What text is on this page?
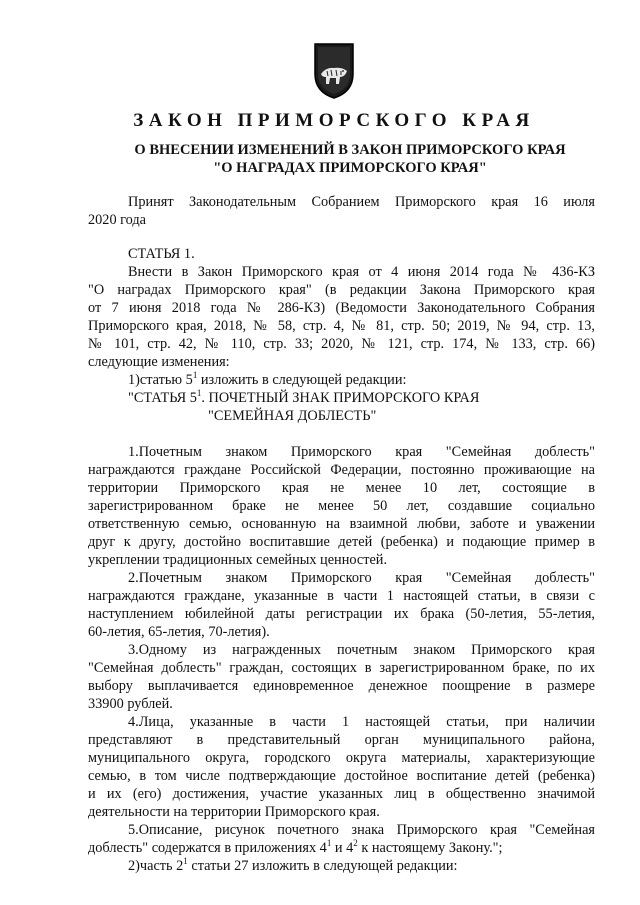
ЗАКОН ПРИМОРСКОГО КРАЯ
О ВНЕСЕНИИ ИЗМЕНЕНИЙ В ЗАКОН ПРИМОРСКОГО КРАЯ
"О НАГРАДАХ ПРИМОРСКОГО КРАЯ"

Принят Законодательным Собранием Приморского края 16 июля

2020 года

СТАТЬЯ 1.

Внести в Закон Приморского края от 4 июня 2014 года № 436-КЗ

"О наградах Приморского края" (в редакции Закона Приморского края

от 7 июня 2018 года № 286-КЗ) (Ведомости Законодательного Собрания

Приморского края, 2018, № 58, стр. 4, № 81, стр. 50; 2019, № 94, стр. 13,

№ 101, стр. 42, № 110, стр. 33; 2020, № 121, стр. 174, № 133, стр. 66)

следующие изменения:

1)статью $5^1$ изложить в следующей редакции:

"СТАТЬЯ $5^1$. ПОЧЕТНЫЙ ЗНАК ПРИМОРСКОГО КРАЯ

"СЕМЕЙНАЯ ДОБЛЕСТЬ"

1.Почетным знаком Приморского края "Семейная доблесть"

награждаются граждане Российской Федерации, постоянно проживающие на

территории Приморского края не менее 10 лет, состоящие в

зарегистрированном браке не менее 50 лет, создавшие социально

ответственную семью, основанную на взаимной любви, заботе и уважении

друг к другу, достойно воспитавшие детей (ребенка) и подающие пример в

укреплении традиционных семейных ценностей.

2.Почетным знаком Приморского края "Семейная доблесть"

награждаются граждане, указанные в части 1 настоящей статьи, в связи с

наступлением юбилейной даты регистрации их брака (50-летия, 55-летия,

60-летия, 65-летия, 70-летия).

3.Одному из награжденных почетным знаком Приморского края

"Семейная доблесть" граждан, состоящих в зарегистрированном браке, по их

выбору выплачивается единовременное денежное поощрение в размере

33900 рублей.

4.Лица, указанные в части 1 настоящей статьи, при наличии

представляют в представительный орган муниципального района,

муниципального округа, городского округа материалы, характеризующие

семью, в том числе подтверждающие достойное воспитание детей (ребенка)

и их (его) достижения, участие указанных лиц в общественно значимой

деятельности на территории Приморского края.

5.Описание, рисунок почетного знака Приморского края "Семейная

доблесть" содержатся в приложениях $4^1$ и $4^2$ к настоящему Закону.";

2)часть $2^1$ статьи 27 изложить в следующей редакции:
